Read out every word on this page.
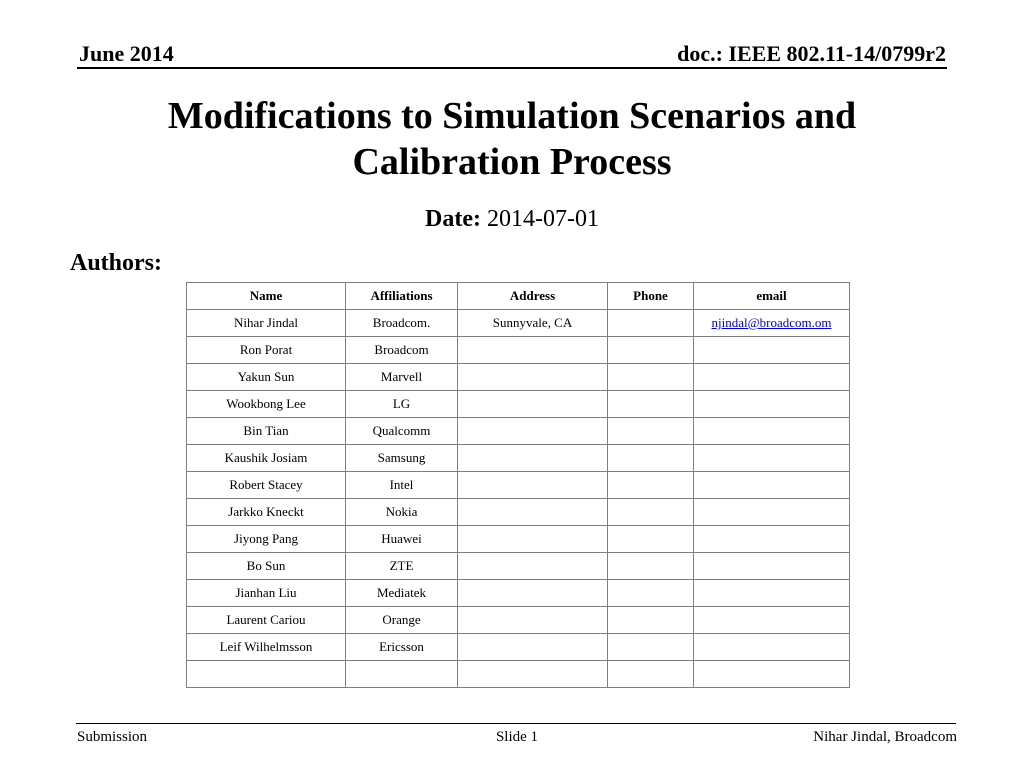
June 2014	doc.: IEEE 802.11-14/0799r2
Modifications to Simulation Scenarios and
Calibration Process
Date: 2014-07-01
Authors:
Name	Affiliations	Address	Phone	email
Nihar Jindal	Broadcom.	Sunnyvale, CA		njindal@broadcom.om
Ron Porat	Broadcom			
Yakun Sun	Marvell			
Wookbong Lee	LG			
Bin Tian	Qualcomm			
Kaushik Josiam	Samsung			
Robert Stacey	Intel			
Jarkko Kneckt	Nokia			
Jiyong Pang	Huawei			
Bo Sun	ZTE			
Jianhan Liu	Mediatek			
Laurent Cariou	Orange			
Leif Wilhelmsson	Ericsson			

Submission	Slide 1	Nihar Jindal, Broadcom
